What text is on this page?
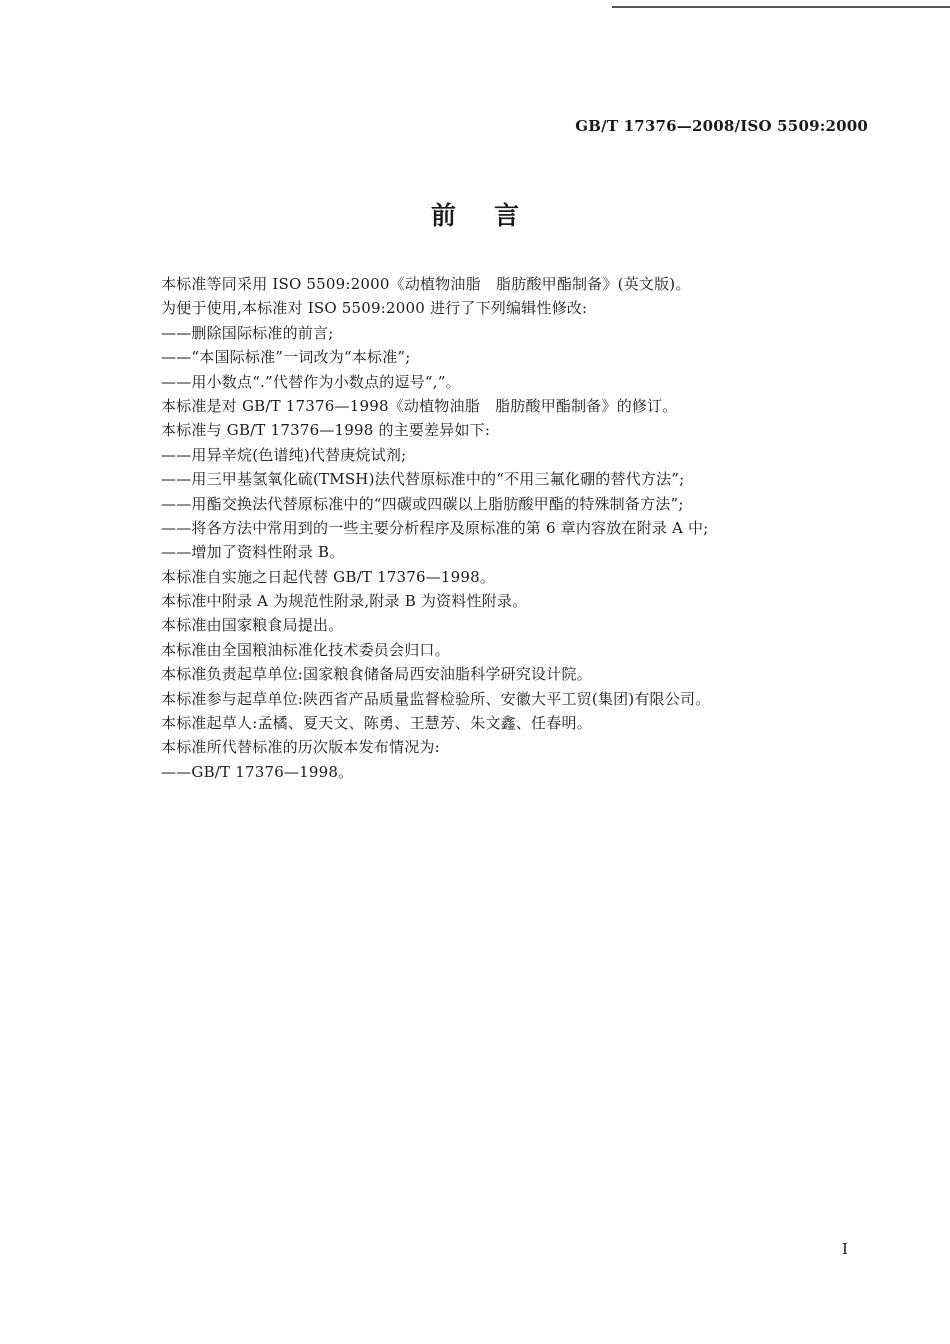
GB/T 17376—2008/ISO 5509:2000
前言
本标准等同采用 ISO 5509:2000《动植物油脂　脂肪酸甲酯制备》(英文版)。
为便于使用,本标准对 ISO 5509:2000 进行了下列编辑性修改:
——删除国际标准的前言;
——“本国际标准”一词改为“本标准”;
——用小数点“.”代替作为小数点的逗号“,”。
本标准是对 GB/T 17376—1998《动植物油脂　脂肪酸甲酯制备》的修订。
本标准与 GB/T 17376—1998 的主要差异如下:
——用异辛烷(色谱纯)代替庚烷试剂;
——用三甲基氢氧化硫(TMSH)法代替原标准中的“不用三氟化硼的替代方法”;
——用酯交换法代替原标准中的“四碳或四碳以上脂肪酸甲酯的特殊制备方法”;
——将各方法中常用到的一些主要分析程序及原标准的第 6 章内容放在附录 A 中;
——增加了资料性附录 B。
本标准自实施之日起代替 GB/T 17376—1998。
本标准中附录 A 为规范性附录,附录 B 为资料性附录。
本标准由国家粮食局提出。
本标准由全国粮油标准化技术委员会归口。
本标准负责起草单位:国家粮食储备局西安油脂科学研究设计院。
本标准参与起草单位:陕西省产品质量监督检验所、安徽大平工贸(集团)有限公司。
本标准起草人:孟橘、夏天文、陈勇、王慧芳、朱文鑫、任春明。
本标准所代替标准的历次版本发布情况为:
——GB/T 17376—1998。
I
